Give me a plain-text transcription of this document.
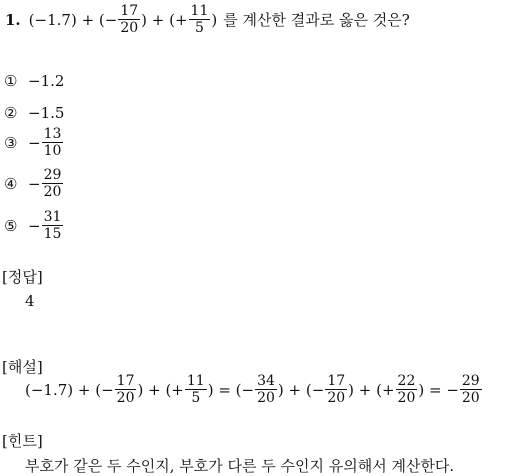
1. (−1.7) + (− $\frac{17}{20}$ ) + (+ $\frac{11}{5}$ ) 를 계산한 결과로 옳은 것은?
① −1.2
② −1.5
③ − $\frac{13}{10}$
④ − $\frac{29}{20}$
⑤ − $\frac{31}{15}$
[정답]
4
[해설]
(−1.7) + (− $\frac{17}{20}$ ) + (+ $\frac{11}{5}$ ) = (− $\frac{34}{20}$ ) + (− $\frac{17}{20}$ ) + (+ $\frac{22}{20}$ ) = − $\frac{29}{20}$
[힌트]
부호가 같은 두 수인지, 부호가 다른 두 수인지 유의해서 계산한다.
